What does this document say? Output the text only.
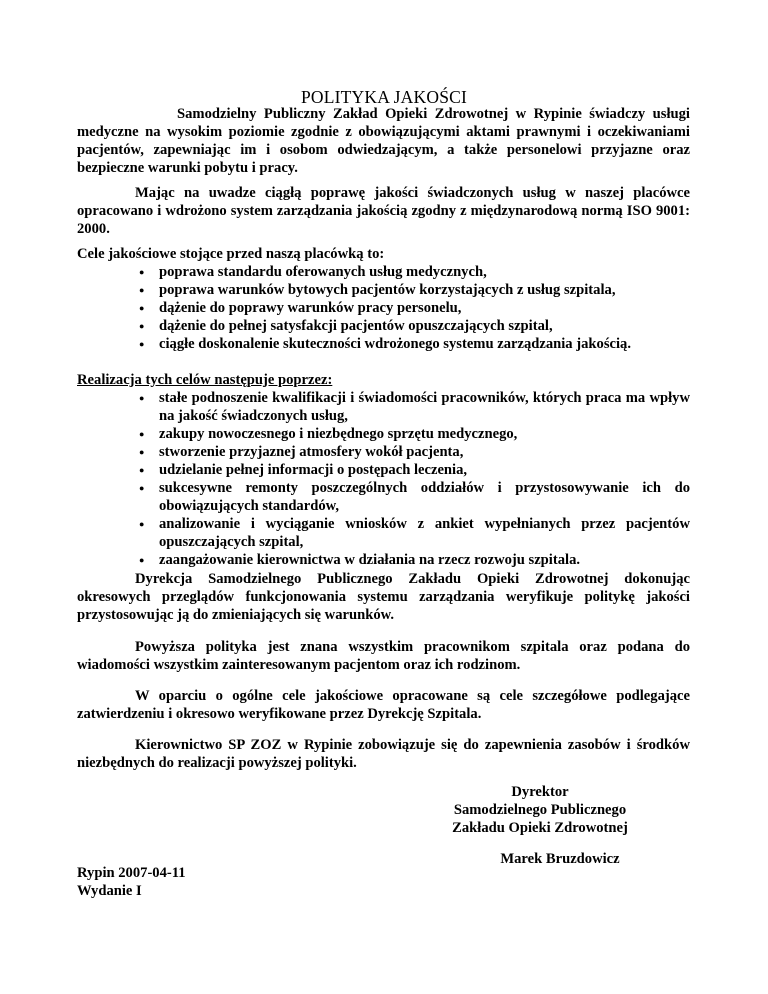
POLITYKA JAKOŚCI

Samodzielny Publiczny Zakład Opieki Zdrowotnej w Rypinie świadczy usługi medyczne na wysokim poziomie zgodnie z obowiązującymi aktami prawnymi i oczekiwaniami pacjentów, zapewniając im i osobom odwiedzającym, a także personelowi przyjazne oraz bezpieczne warunki pobytu i pracy.

Mając na uwadze ciągłą poprawę jakości świadczonych usług w naszej placówce opracowano i wdrożono system zarządzania jakością zgodny z międzynarodową normą ISO 9001: 2000.

Cele jakościowe stojące przed naszą placówką to:

● poprawa standardu oferowanych usług medycznych,
● poprawa warunków bytowych pacjentów korzystających z usług szpitala,
● dążenie do poprawy warunków pracy personelu,
● dążenie do pełnej satysfakcji pacjentów opuszczających szpital,
● ciągłe doskonalenie skuteczności wdrożonego systemu zarządzania jakością.

Realizacja tych celów następuje poprzez:

● stałe podnoszenie kwalifikacji i świadomości pracowników, których praca ma wpływ na jakość świadczonych usług,
● zakupy nowoczesnego i niezbędnego sprzętu medycznego,
● stworzenie przyjaznej atmosfery wokół pacjenta,
● udzielanie pełnej informacji o postępach leczenia,
● sukcesywne remonty poszczególnych oddziałów i przystosowywanie ich do obowiązujących standardów,
● analizowanie i wyciąganie wniosków z ankiet wypełnianych przez pacjentów opuszczających szpital,
● zaangażowanie kierownictwa w działania na rzecz rozwoju szpitala.

Dyrekcja Samodzielnego Publicznego Zakładu Opieki Zdrowotnej dokonując okresowych przeglądów funkcjonowania systemu zarządzania weryfikuje politykę jakości przystosowując ją do zmieniających się warunków.

Powyższa polityka jest znana wszystkim pracownikom szpitala oraz podana do wiadomości wszystkim zainteresowanym pacjentom oraz ich rodzinom.

W oparciu o ogólne cele jakościowe opracowane są cele szczegółowe podlegające zatwierdzeniu i okresowo weryfikowane przez Dyrekcję Szpitala.

Kierownictwo SP ZOZ w Rypinie zobowiązuje się do zapewnienia zasobów i środków niezbędnych do realizacji powyższej polityki.

Dyrektor
Samodzielnego Publicznego
Zakładu Opieki Zdrowotnej
Marek Bruzdowicz
Rypin 2007-04-11
Wydanie I
